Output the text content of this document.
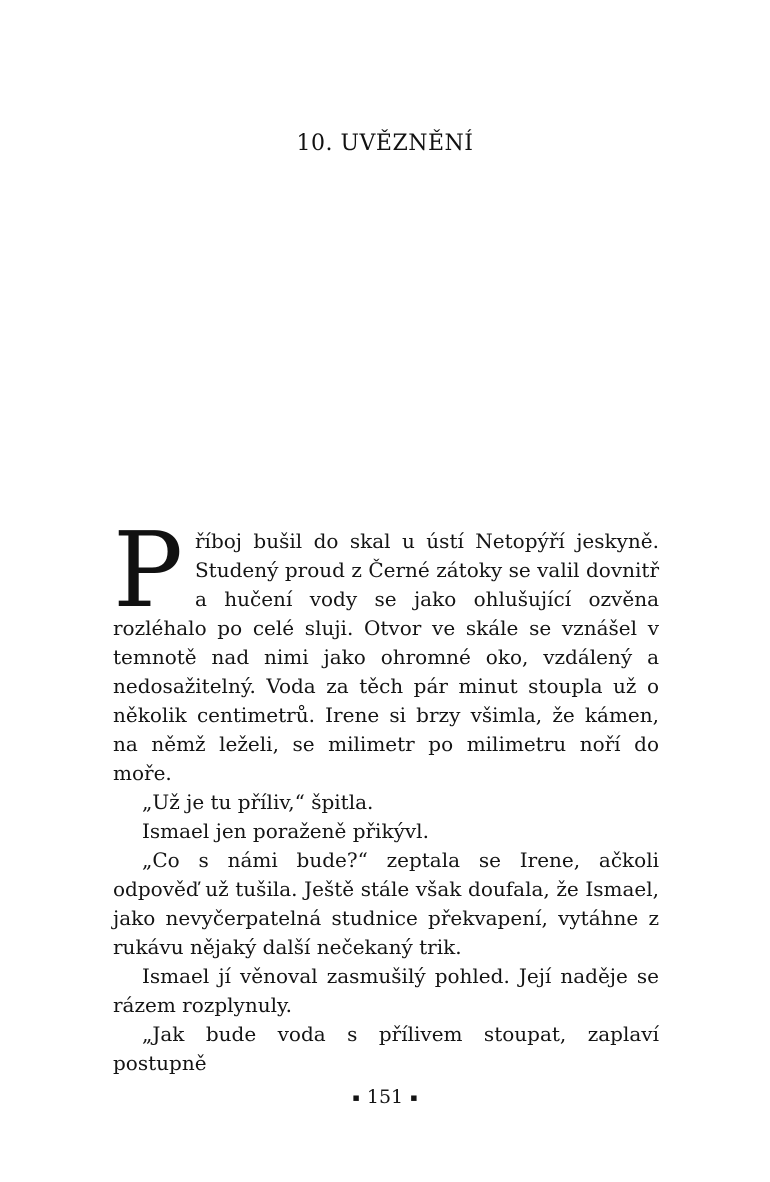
10. UVĚZNĚNÍ

Příboj bušil do skal u ústí Netopýří jeskyně. Studený proud z Černé zátoky se valil dovnitř a hučení vody se jako ohlušující ozvěna rozléhalo po celé sluji. Otvor ve skále se vznášel v temnotě nad nimi jako ohromné oko, vzdálený a nedosažitelný. Voda za těch pár minut stoupla už o několik centimetrů. Irene si brzy všimla, že kámen, na němž leželi, se milimetr po milimetru noří do moře.

„Už je tu příliv,“ špitla.

Ismael jen poraženě přikývl.

„Co s námi bude?“ zeptala se Irene, ačkoli odpověď už tušila. Ještě stále však doufala, že Ismael, jako nevyčerpatelná studnice překvapení, vytáhne z rukávu nějaký další nečekaný trik.

Ismael jí věnoval zasmušilý pohled. Její naděje se rázem rozplynuly.

„Jak bude voda s přílivem stoupat, zaplaví postupně

▪ 151 ▪
